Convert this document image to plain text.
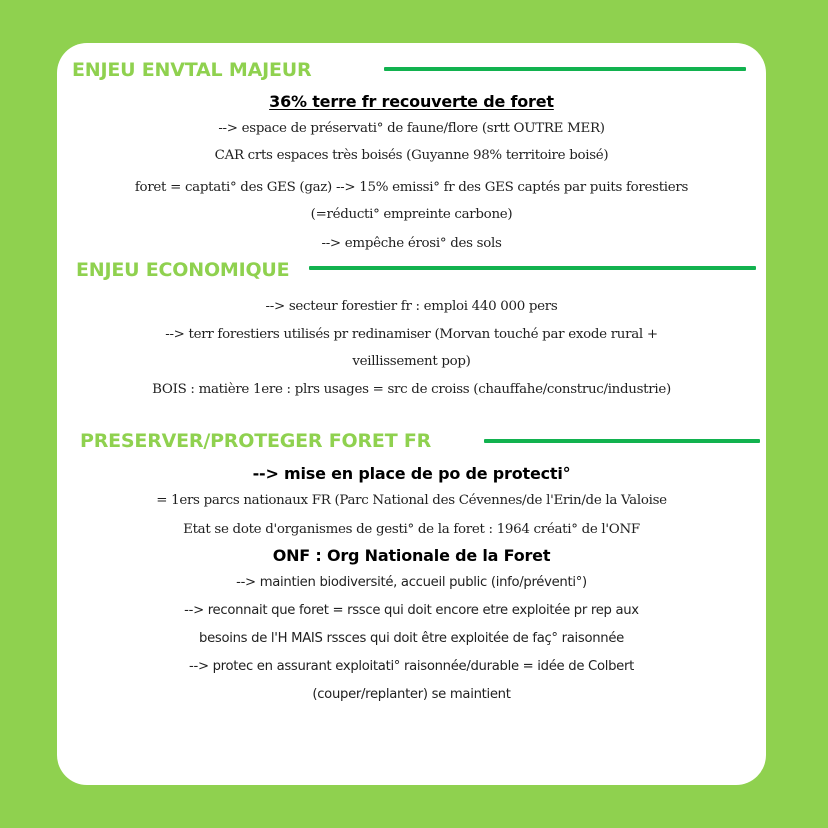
ENJEU ENVTAL MAJEUR
36% terre fr recouverte de foret
--> espace de préservati° de faune/flore (srtt OUTRE MER)
CAR crts espaces très boisés (Guyanne 98% territoire boisé)
foret = captati° des GES (gaz) --> 15% emissi° fr des GES captés par puits forestiers
(=réducti° empreinte carbone)
--> empêche érosi° des sols
ENJEU ECONOMIQUE
--> secteur forestier fr : emploi 440 000 pers
--> terr forestiers utilisés pr redinamiser (Morvan touché par exode rural +
veillissement pop)
BOIS : matière 1ere : plrs usages = src de croiss (chauffahe/construc/industrie)
PRESERVER/PROTEGER FORET FR
--> mise en place de po de protecti°
= 1ers parcs nationaux FR (Parc National des Cévennes/de l'Erin/de la Valoise
Etat se dote d'organismes de gesti° de la foret : 1964 créati° de l'ONF
ONF : Org Nationale de la Foret
--> maintien biodiversité, accueil public (info/préventi°)
--> reconnait que foret = rssce qui doit encore etre exploitée pr rep aux
besoins de l'H MAIS rssces qui doit être exploitée de faç° raisonnée
--> protec en assurant exploitati° raisonnée/durable = idée de Colbert
(couper/replanter) se maintient
